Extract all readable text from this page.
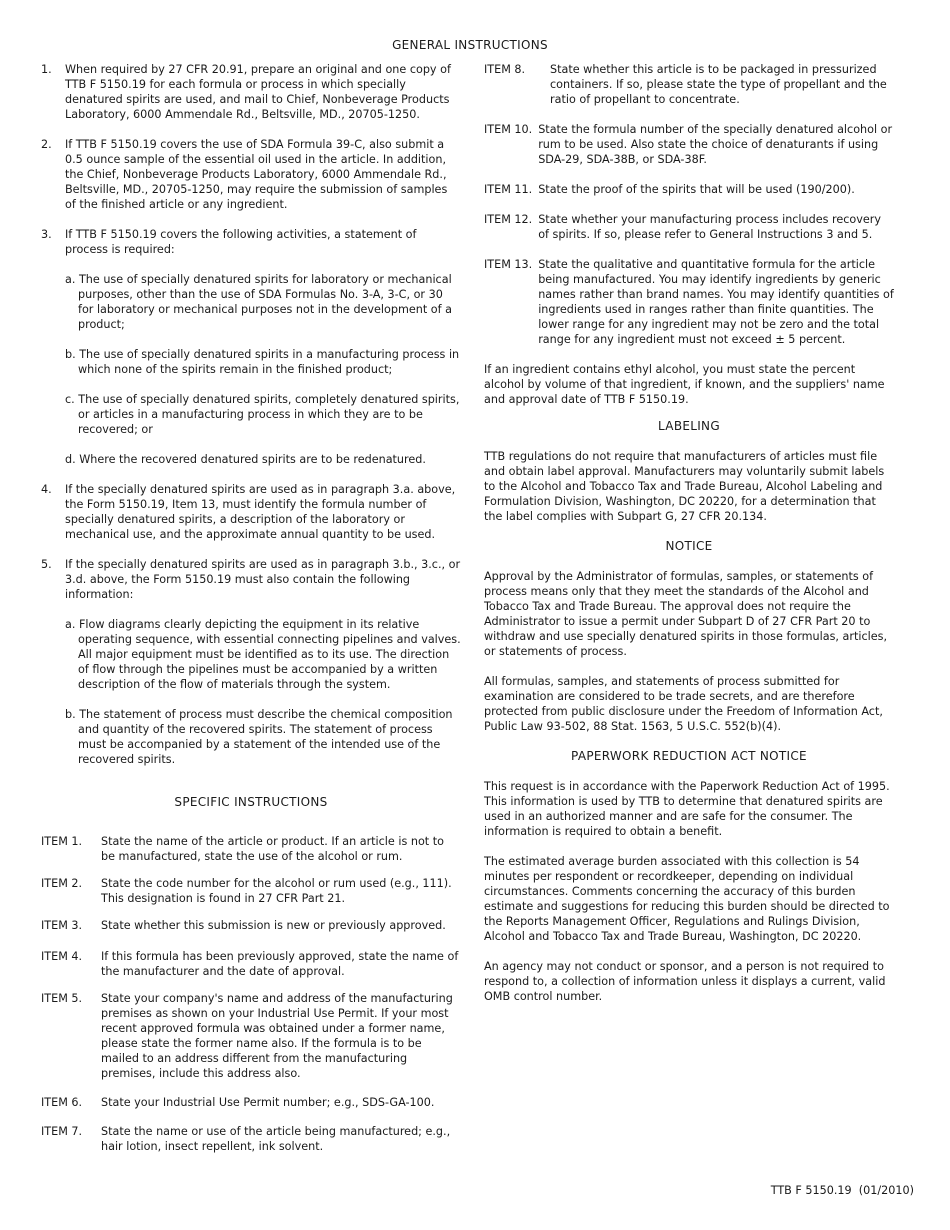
GENERAL INSTRUCTIONS
1.	When required by 27 CFR 20.91, prepare an original and one copy of TTB F 5150.19 for each formula or process in which specially denatured spirits are used, and mail to Chief, Nonbeverage Products Laboratory, 6000 Ammendale Rd., Beltsville, MD., 20705-1250.
2.	If TTB F 5150.19 covers the use of SDA Formula 39-C, also submit a 0.5 ounce sample of the essential oil used in the article. In addition, the Chief, Nonbeverage Products Laboratory, 6000 Ammendale Rd., Beltsville, MD., 20705-1250, may require the submission of samples of the finished article or any ingredient.
3.	If TTB F 5150.19 covers the following activities, a statement of process is required:

a. The use of specially denatured spirits for laboratory or mechanical purposes, other than the use of SDA Formulas No. 3-A, 3-C, or 30 for laboratory or mechanical purposes not in the development of a product;

b. The use of specially denatured spirits in a manufacturing process in which none of the spirits remain in the finished product;

c. The use of specially denatured spirits, completely denatured spirits, or articles in a manufacturing process in which they are to be recovered; or

d. Where the recovered denatured spirits are to be redenatured.

4.	If the specially denatured spirits are used as in paragraph 3.a. above, the Form 5150.19, Item 13, must identify the formula number of specially denatured spirits, a description of the laboratory or mechanical use, and the approximate annual quantity to be used.
5.	If the specially denatured spirits are used as in paragraph 3.b., 3.c., or 3.d. above, the Form 5150.19 must also contain the following information:

a. Flow diagrams clearly depicting the equipment in its relative operating sequence, with essential connecting pipelines and valves. All major equipment must be identified as to its use. The direction of flow through the pipelines must be accompanied by a written description of the flow of materials through the system.

b. The statement of process must describe the chemical composition and quantity of the recovered spirits. The statement of process must be accompanied by a statement of the intended use of the recovered spirits.

SPECIFIC INSTRUCTIONS

ITEM 1.	State the name of the article or product. If an article is not to be manufactured, state the use of the alcohol or rum.
ITEM 2.	State the code number for the alcohol or rum used (e.g., 111). This designation is found in 27 CFR Part 21.
ITEM 3.	State whether this submission is new or previously approved.
ITEM 4.	If this formula has been previously approved, state the name of the manufacturer and the date of approval.
ITEM 5.	State your company's name and address of the manufacturing premises as shown on your Industrial Use Permit. If your most recent approved formula was obtained under a former name, please state the former name also. If the formula is to be mailed to an address different from the manufacturing premises, include this address also.
ITEM 6.	State your Industrial Use Permit number; e.g., SDS-GA-100.
ITEM 7.	State the name or use of the article being manufactured; e.g., hair lotion, insect repellent, ink solvent.
ITEM 8.	State whether this article is to be packaged in pressurized containers. If so, please state the type of propellant and the ratio of propellant to concentrate.
ITEM 10. State the formula number of the specially denatured alcohol or rum to be used. Also state the choice of denaturants if using SDA-29, SDA-38B, or SDA-38F.
ITEM 11. State the proof of the spirits that will be used (190/200).
ITEM 12. State whether your manufacturing process includes recovery of spirits. If so, please refer to General Instructions 3 and 5.
ITEM 13. State the qualitative and quantitative formula for the article being manufactured. You may identify ingredients by generic names rather than brand names. You may identify quantities of ingredients used in ranges rather than finite quantities. The lower range for any ingredient may not be zero and the total range for any ingredient must not exceed ± 5 percent.

If an ingredient contains ethyl alcohol, you must state the percent alcohol by volume of that ingredient, if known, and the suppliers' name and approval date of TTB F 5150.19.

LABELING

TTB regulations do not require that manufacturers of articles must file and obtain label approval. Manufacturers may voluntarily submit labels to the Alcohol and Tobacco Tax and Trade Bureau, Alcohol Labeling and Formulation Division, Washington, DC 20220, for a determination that the label complies with Subpart G, 27 CFR 20.134.

NOTICE

Approval by the Administrator of formulas, samples, or statements of process means only that they meet the standards of the Alcohol and Tobacco Tax and Trade Bureau. The approval does not require the Administrator to issue a permit under Subpart D of 27 CFR Part 20 to withdraw and use specially denatured spirits in those formulas, articles, or statements of process.

All formulas, samples, and statements of process submitted for examination are considered to be trade secrets, and are therefore protected from public disclosure under the Freedom of Information Act, Public Law 93-502, 88 Stat. 1563, 5 U.S.C. 552(b)(4).

PAPERWORK REDUCTION ACT NOTICE

This request is in accordance with the Paperwork Reduction Act of 1995. This information is used by TTB to determine that denatured spirits are used in an authorized manner and are safe for the consumer. The information is required to obtain a benefit.

The estimated average burden associated with this collection is 54 minutes per respondent or recordkeeper, depending on individual circumstances. Comments concerning the accuracy of this burden estimate and suggestions for reducing this burden should be directed to the Reports Management Officer, Regulations and Rulings Division, Alcohol and Tobacco Tax and Trade Bureau, Washington, DC 20220.

An agency may not conduct or sponsor, and a person is not required to respond to, a collection of information unless it displays a current, valid OMB control number.

TTB F 5150.19 (01/2010)
